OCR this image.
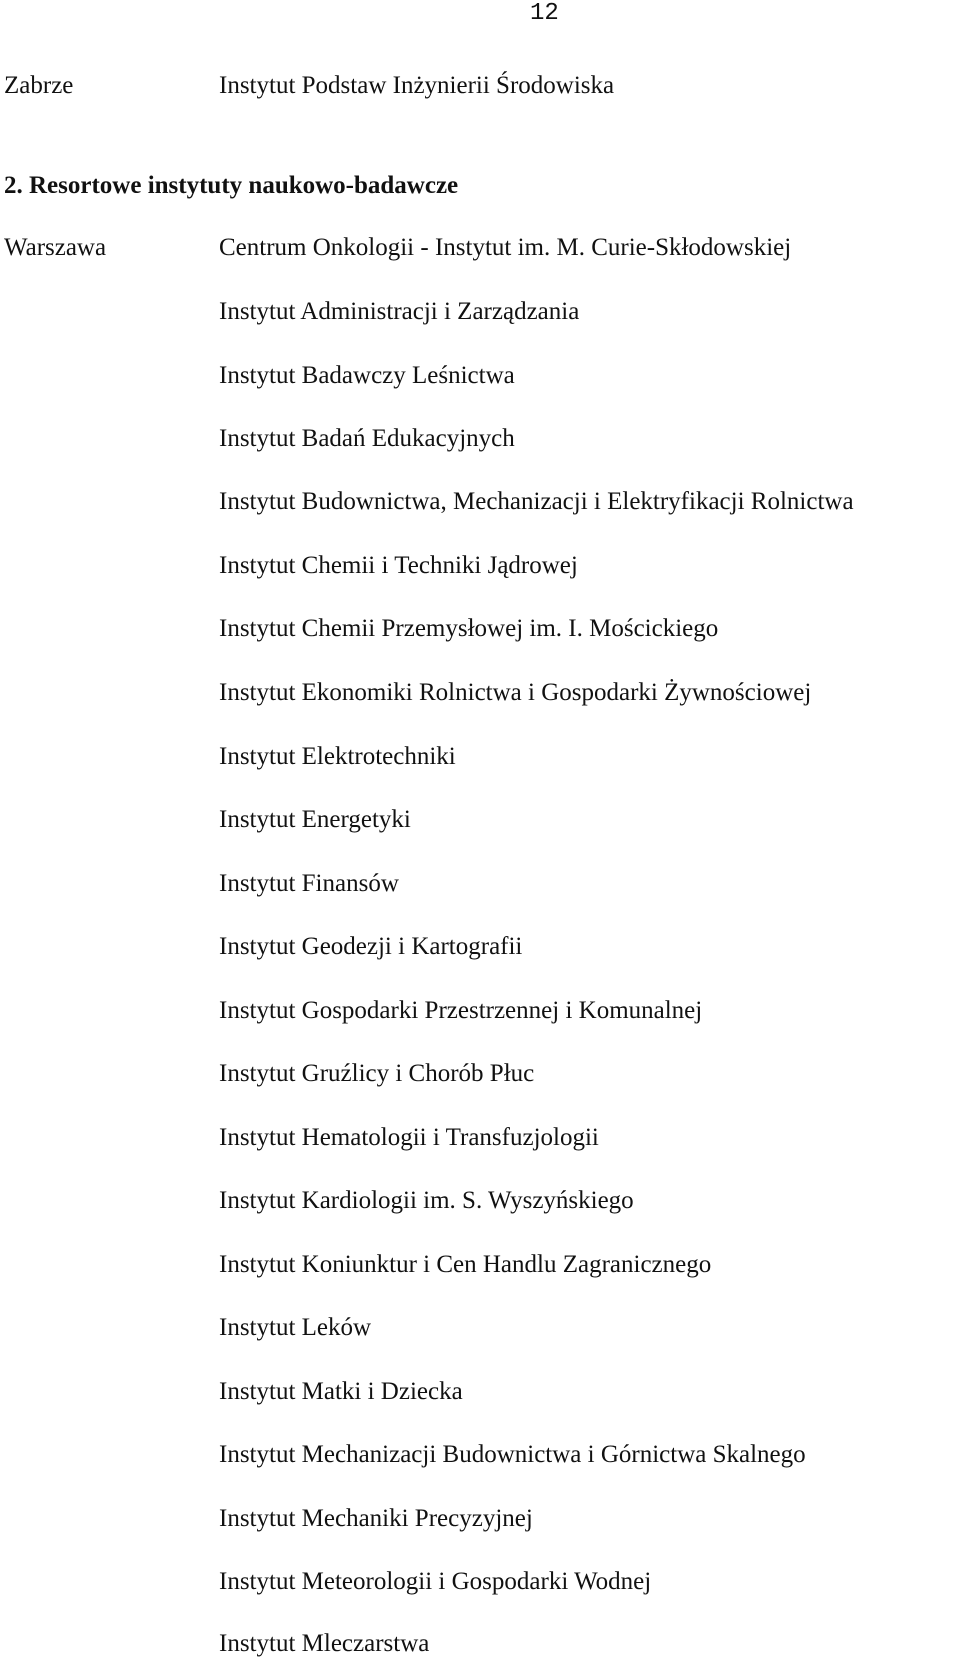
12
Zabrze	Instytut Podstaw Inżynierii Środowiska
2. Resortowe instytuty naukowo-badawcze
Warszawa	Centrum Onkologii - Instytut im. M. Curie-Skłodowskiej
Instytut Administracji i Zarządzania
Instytut Badawczy Leśnictwa
Instytut Badań Edukacyjnych
Instytut Budownictwa, Mechanizacji i Elektryfikacji Rolnictwa
Instytut Chemii i Techniki Jądrowej
Instytut Chemii Przemysłowej im. I. Mościckiego
Instytut Ekonomiki Rolnictwa i Gospodarki Żywnościowej
Instytut Elektrotechniki
Instytut Energetyki
Instytut Finansów
Instytut Geodezji i Kartografii
Instytut Gospodarki Przestrzennej i Komunalnej
Instytut Gruźlicy i Chorób Płuc
Instytut Hematologii i Transfuzjologii
Instytut Kardiologii im. S. Wyszyńskiego
Instytut Koniunktur i Cen Handlu Zagranicznego
Instytut Leków
Instytut Matki i Dziecka
Instytut Mechanizacji Budownictwa i Górnictwa Skalnego
Instytut Mechaniki Precyzyjnej
Instytut Meteorologii i Gospodarki Wodnej
Instytut Mleczarstwa
